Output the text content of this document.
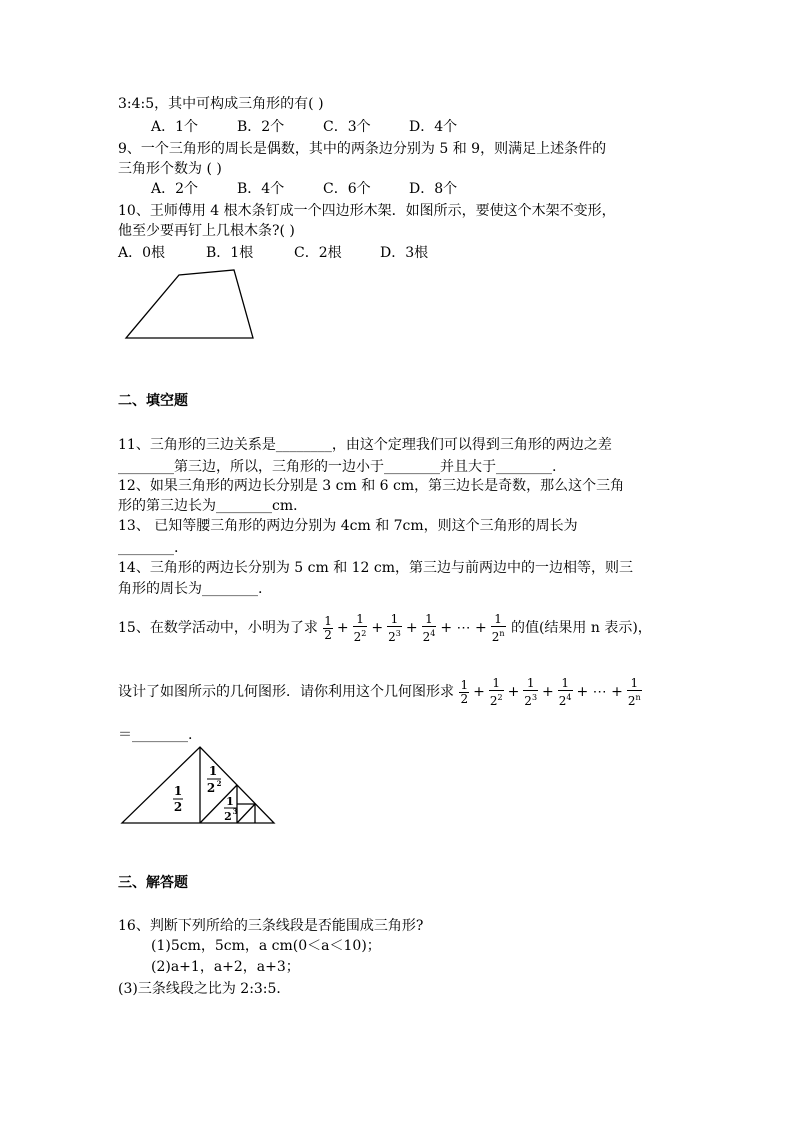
3:4:5，其中可构成三角形的有( )
A．1个	B．2个	C．3个	D．4个
9、一个三角形的周长是偶数，其中的两条边分别为 5 和 9，则满足上述条件的
三角形个数为 ( )
A．2个	B．4个	C．6个	D．8个
10、王师傅用 4 根木条钉成一个四边形木架．如图所示，要使这个木架不变形，
他至少要再钉上几根木条?( )
A．0根	B．1根	C．2根	D．3根
二、填空题
11、三角形的三边关系是________，由这个定理我们可以得到三角形的两边之差
________第三边，所以，三角形的一边小于________并且大于________.
12、如果三角形的两边长分别是 3 cm 和 6 cm，第三边长是奇数，那么这个三角
形的第三边长为________cm．
13、 已知等腰三角形的两边分别为 4cm 和 7cm，则这个三角形的周长为
________.
14、三角形的两边长分别为 5 cm 和 12 cm，第三边与前两边中的一边相等，则三
角形的周长为________.
15、在数学活动中，小明为了求 $\frac{1}{2} + \frac{1}{2^2} + \frac{1}{2^3} + \frac{1}{2^4}$ + ⋯ + $\frac{1}{2^n}$ 的值(结果用 n 表示)，
设计了如图所示的几何图形．请你利用这个几何图形求 $\frac{1}{2} + \frac{1}{2^2} + \frac{1}{2^3} + \frac{1}{2^4}$ + ⋯ + $\frac{1}{2^n}$
＝________.
1
2
1
2 2
1
2 3
三、解答题
16、判断下列所给的三条线段是否能围成三角形?
(1)5cm，5cm，a cm(0＜a＜10)；
(2)a+1，a+2，a+3；
(3)三条线段之比为 2:3:5．
